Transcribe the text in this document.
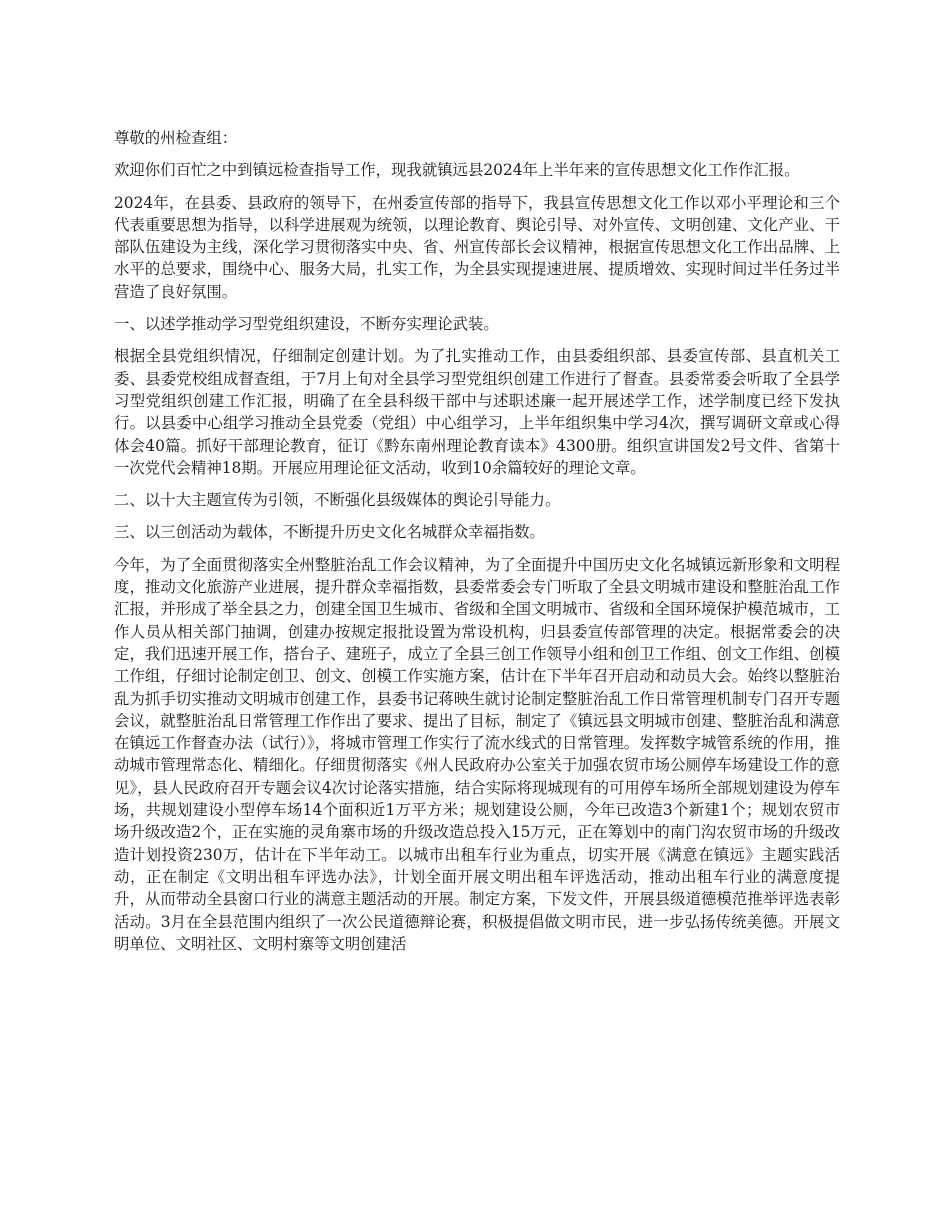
尊敬的州检查组：

欢迎你们百忙之中到镇远检查指导工作，现我就镇远县2024年上半年来的宣传思想文化工作作汇报。

2024年，在县委、县政府的领导下，在州委宣传部的指导下，我县宣传思想文化工作以邓小平理论和三个代表重要思想为指导，以科学进展观为统领，以理论教育、舆论引导、对外宣传、文明创建、文化产业、干部队伍建设为主线，深化学习贯彻落实中央、省、州宣传部长会议精神，根据宣传思想文化工作出品牌、上水平的总要求，围绕中心、服务大局，扎实工作，为全县实现提速进展、提质增效、实现时间过半任务过半营造了良好氛围。

一、以述学推动学习型党组织建设，不断夯实理论武装。

根据全县党组织情况，仔细制定创建计划。为了扎实推动工作，由县委组织部、县委宣传部、县直机关工委、县委党校组成督查组，于7月上旬对全县学习型党组织创建工作进行了督查。县委常委会听取了全县学习型党组织创建工作汇报，明确了在全县科级干部中与述职述廉一起开展述学工作，述学制度已经下发执行。以县委中心组学习推动全县党委（党组）中心组学习，上半年组织集中学习4次，撰写调研文章或心得体会40篇。抓好干部理论教育，征订《黔东南州理论教育读本》4300册。组织宣讲国发2号文件、省第十一次党代会精神18期。开展应用理论征文活动，收到10余篇较好的理论文章。

二、以十大主题宣传为引领，不断强化县级媒体的舆论引导能力。

三、以三创活动为载体，不断提升历史文化名城群众幸福指数。

今年，为了全面贯彻落实全州整脏治乱工作会议精神，为了全面提升中国历史文化名城镇远新形象和文明程度，推动文化旅游产业进展，提升群众幸福指数，县委常委会专门听取了全县文明城市建设和整脏治乱工作汇报，并形成了举全县之力，创建全国卫生城市、省级和全国文明城市、省级和全国环境保护模范城市，工作人员从相关部门抽调，创建办按规定报批设置为常设机构，归县委宣传部管理的决定。根据常委会的决定，我们迅速开展工作，搭台子、建班子，成立了全县三创工作领导小组和创卫工作组、创文工作组、创模工作组，仔细讨论制定创卫、创文、创模工作实施方案，估计在下半年召开启动和动员大会。始终以整脏治乱为抓手切实推动文明城市创建工作，县委书记蒋映生就讨论制定整脏治乱工作日常管理机制专门召开专题会议，就整脏治乱日常管理工作作出了要求、提出了目标，制定了《镇远县文明城市创建、整脏治乱和满意在镇远工作督查办法（试行）》，将城市管理工作实行了流水线式的日常管理。发挥数字城管系统的作用，推动城市管理常态化、精细化。仔细贯彻落实《州人民政府办公室关于加强农贸市场公厕停车场建设工作的意见》，县人民政府召开专题会议4次讨论落实措施，结合实际将现城现有的可用停车场所全部规划建设为停车场，共规划建设小型停车场14个面积近1万平方米；规划建设公厕，今年已改造3个新建1个；规划农贸市场升级改造2个，正在实施的灵角寨市场的升级改造总投入15万元，正在筹划中的南门沟农贸市场的升级改造计划投资230万，估计在下半年动工。以城市出租车行业为重点，切实开展《满意在镇远》主题实践活动，正在制定《文明出租车评选办法》，计划全面开展文明出租车评选活动，推动出租车行业的满意度提升，从而带动全县窗口行业的满意主题活动的开展。制定方案，下发文件，开展县级道德模范推举评选表彰活动。3月在全县范围内组织了一次公民道德辩论赛，积极提倡做文明市民，进一步弘扬传统美德。开展文明单位、文明社区、文明村寨等文明创建活
